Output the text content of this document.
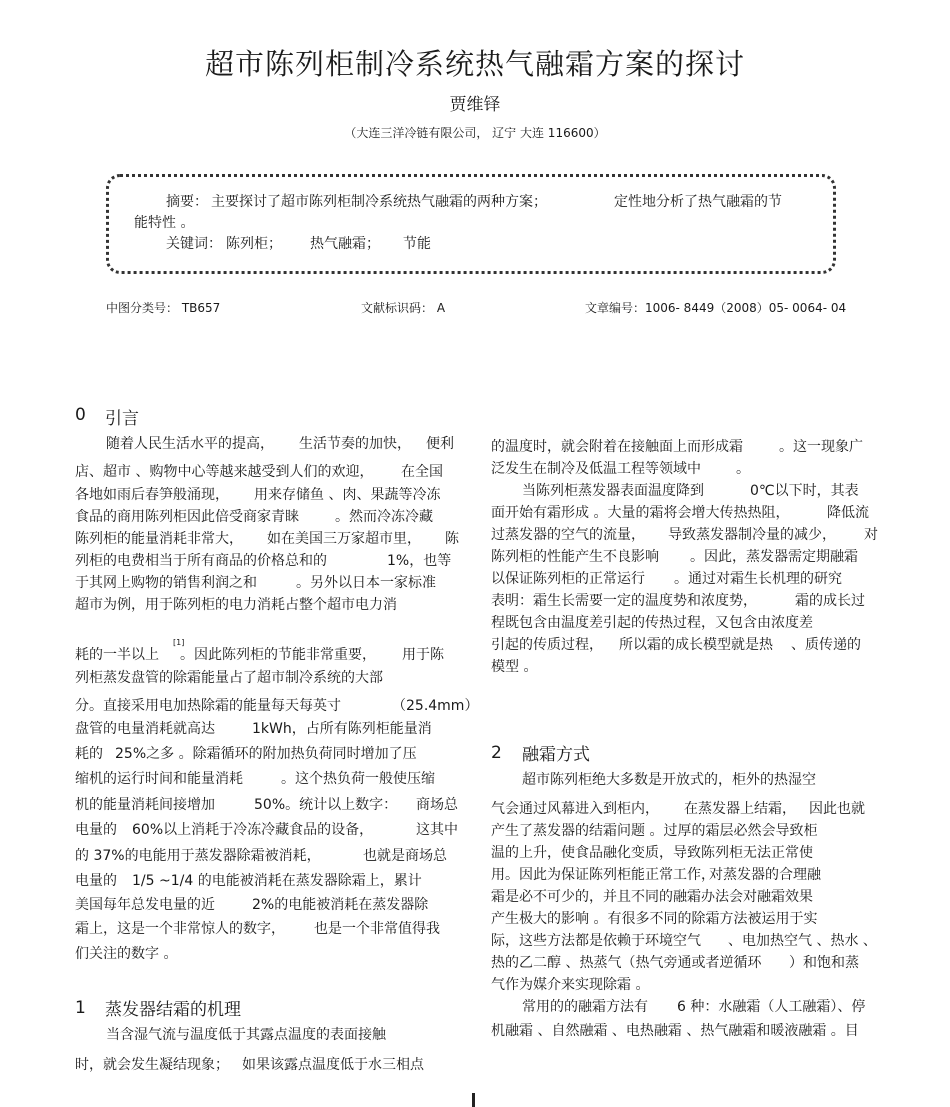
超市陈列柜制冷系统热气融霜方案的探讨
贾维铎
（大连三洋冷链有限公司， 辽宁 大连 116600）
摘要： 主要探讨了超市陈列柜制冷系统热气融霜的两种方案；	定性地分析了热气融霜的节
能特性 。
关键词： 陈列柜； 热气融霜； 节能
中图分类号： TB657	文献标识码： A	文章编号：1006- 8449（2008）05- 0064- 04
0 引言
随着人民生活水平的提高， 生活节奏的加快， 便利
店、超市 、购物中心等越来越受到人们的欢迎， 在全国
各地如雨后春笋般涌现， 用来存储鱼 、肉、果蔬等冷冻
食品的商用陈列柜因此倍受商家青睐	。然而冷冻冷藏
陈列柜的能量消耗非常大， 如在美国三万家超市里， 陈
列柜的电费相当于所有商品的价格总和的	1%，也等
于其网上购物的销售利润之和	。另外以日本一家标准
超市为例，用于陈列柜的电力消耗占整个超市电力消
耗的一半以上
[1]
。因此陈列柜的节能非常重要， 用于陈
列柜蒸发盘管的除霜能量占了超市制冷系统的大部
分。直接采用电加热除霜的能量每天每英寸	（25.4mm）
盘管的电量消耗就高达	1kWh，占所有陈列柜能量消
耗的 25%之多 。除霜循环的附加热负荷同时增加了压
缩机的运行时间和能量消耗	。这个热负荷一般使压缩
机的能量消耗间接增加	50%。统计以上数字： 商场总
电量的 60%以上消耗于冷冻冷藏食品的设备，	这其中
的 37%的电能用于蒸发器除霜被消耗，	也就是商场总
电量的 1/5 ~1/4 的电能被消耗在蒸发器除霜上，累计
美国每年总发电量的近	2%的电能被消耗在蒸发器除
霜上，这是一个非常惊人的数字， 也是一个非常值得我
们关注的数字 。
1 蒸发器结霜的机理
当含湿气流与温度低于其露点温度的表面接触
时，就会发生凝结现象； 如果该露点温度低于水三相点
的温度时，就会附着在接触面上而形成霜	。这一现象广
泛发生在制冷及低温工程等领域中	。
当陈列柜蒸发器表面温度降到	0℃以下时，其表
面开始有霜形成 。大量的霜将会增大传热热阻，	降低流
过蒸发器的空气的流量， 导致蒸发器制冷量的减少， 对
陈列柜的性能产生不良影响 。因此，蒸发器需定期融霜
以保证陈列柜的正常运行 。通过对霜生长机理的研究
表明：霜生长需要一定的温度势和浓度势，	霜的成长过
程既包含由温度差引起的传热过程，又包含由浓度差
引起的传质过程， 所以霜的成长模型就是热 、质传递的
模型 。
2 融霜方式
超市陈列柜绝大多数是开放式的，柜外的热湿空
气会通过风幕进入到柜内， 在蒸发器上结霜， 因此也就
产生了蒸发器的结霜问题 。过厚的霜层必然会导致柜
温的上升，使食品融化变质，导致陈列柜无法正常使
用。因此为保证陈列柜能正常工作，
对蒸发器的合理融
霜是必不可少的，并且不同的融霜办法会对融霜效果
产生极大的影响 。有很多不同的除霜方法被运用于实
际，这些方法都是依赖于环境空气 、电加热空气 、热水 、
热的乙二醇 、热蒸气（热气旁通或者逆循环 ）和饱和蒸
气作为媒介来实现除霜 。
常用的的融霜方法有 6 种：水融霜（人工融霜）、停
机融霜 、自然融霜 、电热融霜 、热气融霜和暖液融霜 。目
